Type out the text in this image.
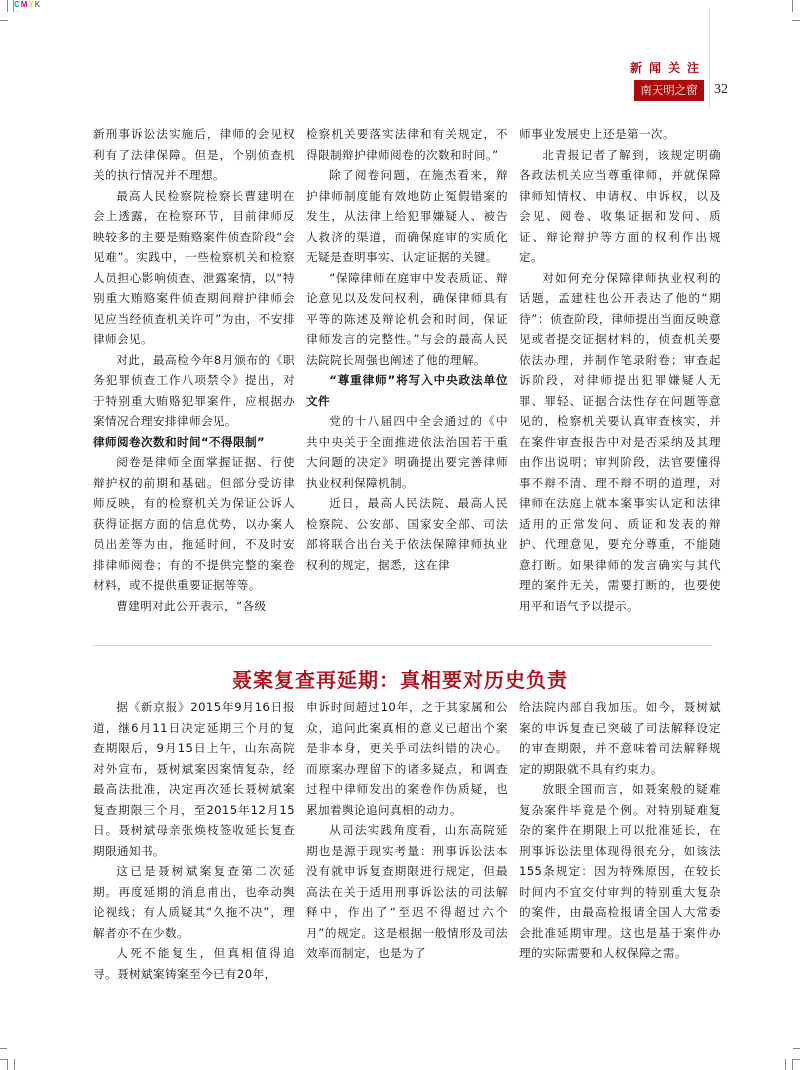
CMYK
新闻关注
南天明之窗	32

新刑事诉讼法实施后，律师的会见权利有了法律保障。但是，个别侦查机关的执行情况并不理想。

最高人民检察院检察长曹建明在会上透露，在检察环节，目前律师反映较多的主要是贿赂案件侦查阶段“会见难”。实践中，一些检察机关和检察人员担心影响侦查、泄露案情，以“特别重大贿赂案件侦查期间辩护律师会见应当经侦查机关许可”为由，不安排律师会见。

对此，最高检今年8月颁布的《职务犯罪侦查工作八项禁令》提出，对于特别重大贿赂犯罪案件，应根据办案情况合理安排律师会见。

律师阅卷次数和时间“不得限制”

阅卷是律师全面掌握证据、行使辩护权的前期和基础。但部分受访律师反映，有的检察机关为保证公诉人获得证据方面的信息优势，以办案人员出差等为由，拖延时间，不及时安排律师阅卷；有的不提供完整的案卷材料，或不提供重要证据等等。

曹建明对此公开表示，“各级

检察机关要落实法律和有关规定，不得限制辩护律师阅卷的次数和时间。”

除了阅卷问题，在施杰看来，辩护律师制度能有效地防止冤假错案的发生，从法律上给犯罪嫌疑人、被告人救济的渠道，而确保庭审的实质化无疑是查明事实、认定证据的关键。

“保障律师在庭审中发表质证、辩论意见以及发问权利，确保律师具有平等的陈述及辩论机会和时间，保证律师发言的完整性。”与会的最高人民法院院长周强也阐述了他的理解。

“尊重律师”将写入中央政法单位文件

党的十八届四中全会通过的《中共中央关于全面推进依法治国若干重大问题的决定》明确提出要完善律师执业权利保障机制。

近日，最高人民法院、最高人民检察院、公安部、国家安全部、司法部将联合出台关于依法保障律师执业权利的规定，据悉，这在律

师事业发展史上还是第一次。

北青报记者了解到，该规定明确各政法机关应当尊重律师，并就保障律师知情权、申请权、申诉权，以及会见、阅卷、收集证据和发问、质证、辩论辩护等方面的权利作出规定。

对如何充分保障律师执业权利的话题，孟建柱也公开表达了他的“期待”：侦查阶段，律师提出当面反映意见或者提交证据材料的，侦查机关要依法办理，并制作笔录附卷；审查起诉阶段，对律师提出犯罪嫌疑人无罪、罪轻、证据合法性存在问题等意见的，检察机关要认真审查核实，并在案件审查报告中对是否采纳及其理由作出说明；审判阶段，法官要懂得事不辩不清、理不辩不明的道理，对律师在法庭上就本案事实认定和法律适用的正常发问、质证和发表的辩护、代理意见，要充分尊重，不能随意打断。如果律师的发言确实与其代理的案件无关，需要打断的，也要使用平和语气予以提示。

聂案复查再延期：真相要对历史负责

据《新京报》2015年9月16日报道，继6月11日决定延期三个月的复查期限后，9月15日上午，山东高院对外宣布，聂树斌案因案情复杂，经最高法批准，决定再次延长聂树斌案复查期限三个月，至2015年12月15日。聂树斌母亲张焕枝签收延长复查期限通知书。

这已是聂树斌案复查第二次延期。再度延期的消息甫出，也牵动舆论视线；有人质疑其“久拖不决”，理解者亦不在少数。

人死不能复生，但真相值得追寻。聂树斌案铸案至今已有20年，

申诉时间超过10年，之于其家属和公众，追问此案真相的意义已超出个案是非本身，更关乎司法纠错的决心。而原案办理留下的诸多疑点，和调查过程中律师发出的案卷作伪质疑，也累加着舆论追问真相的动力。

从司法实践角度看，山东高院延期也是源于现实考量：刑事诉讼法本没有就申诉复查期限进行规定，但最高法在关于适用刑事诉讼法的司法解释中，作出了“至迟不得超过六个月”的规定。这是根据一般情形及司法效率而制定，也是为了

给法院内部自我加压。如今，聂树斌案的申诉复查已突破了司法解释设定的审查期限，并不意味着司法解释规定的期限就不具有约束力。

放眼全国而言，如聂案般的疑难复杂案件毕竟是个例。对特别疑难复杂的案件在期限上可以批准延长，在刑事诉讼法里体现得很充分，如该法155条规定：因为特殊原因，在较长时间内不宜交付审判的特别重大复杂的案件，由最高检报请全国人大常委会批准延期审理。这也是基于案件办理的实际需要和人权保障之需。
